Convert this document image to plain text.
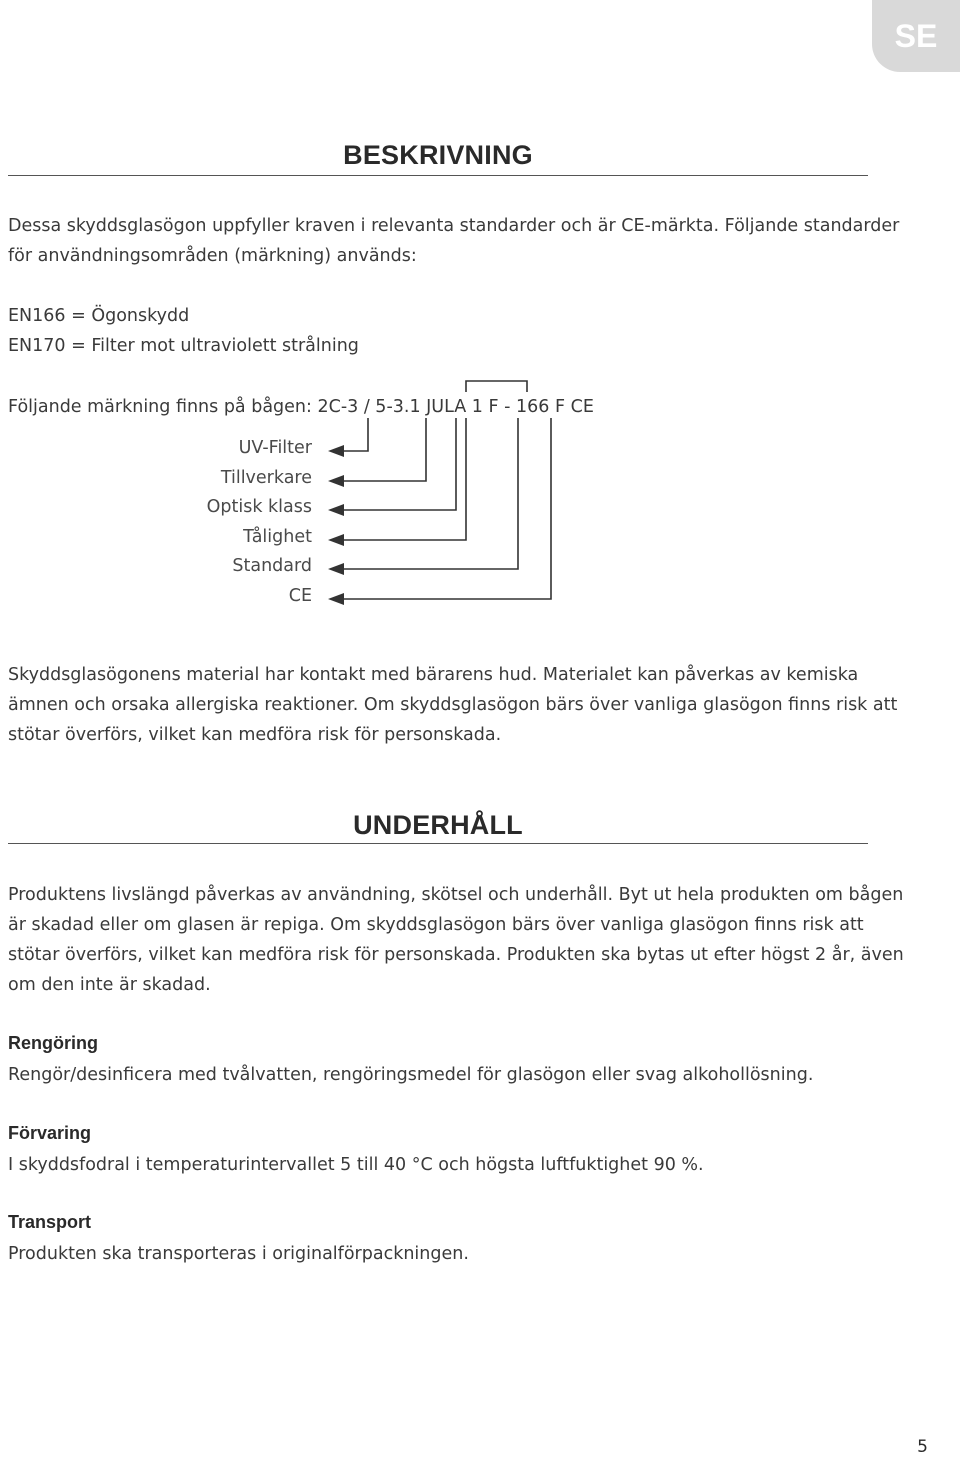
SE
BESKRIVNING

Dessa skyddsglasögon uppfyller kraven i relevanta standarder och är CE-märkta. Följande standarder

för användningsområden (märkning) används:

EN166 = Ögonskydd

EN170 = Filter mot ultraviolett strålning

Följande märkning finns på bågen: 2C-3 / 5-3.1 JULA 1 F - 166 F CE

UV-Filter
Tillverkare
Optisk klass
Tålighet
Standard
CE

Skyddsglasögonens material har kontakt med bärarens hud. Materialet kan påverkas av kemiska

ämnen och orsaka allergiska reaktioner. Om skyddsglasögon bärs över vanliga glasögon finns risk att

stötar överförs, vilket kan medföra risk för personskada.

UNDERHÅLL

Produktens livslängd påverkas av användning, skötsel och underhåll. Byt ut hela produkten om bågen

är skadad eller om glasen är repiga. Om skyddsglasögon bärs över vanliga glasögon finns risk att

stötar överförs, vilket kan medföra risk för personskada. Produkten ska bytas ut efter högst 2 år, även

om den inte är skadad.

Rengöring

Rengör/desinficera med tvålvatten, rengöringsmedel för glasögon eller svag alkohollösning.

Förvaring

I skyddsfodral i temperaturintervallet 5 till 40 °C och högsta luftfuktighet 90 %.

Transport

Produkten ska transporteras i originalförpackningen.

5
